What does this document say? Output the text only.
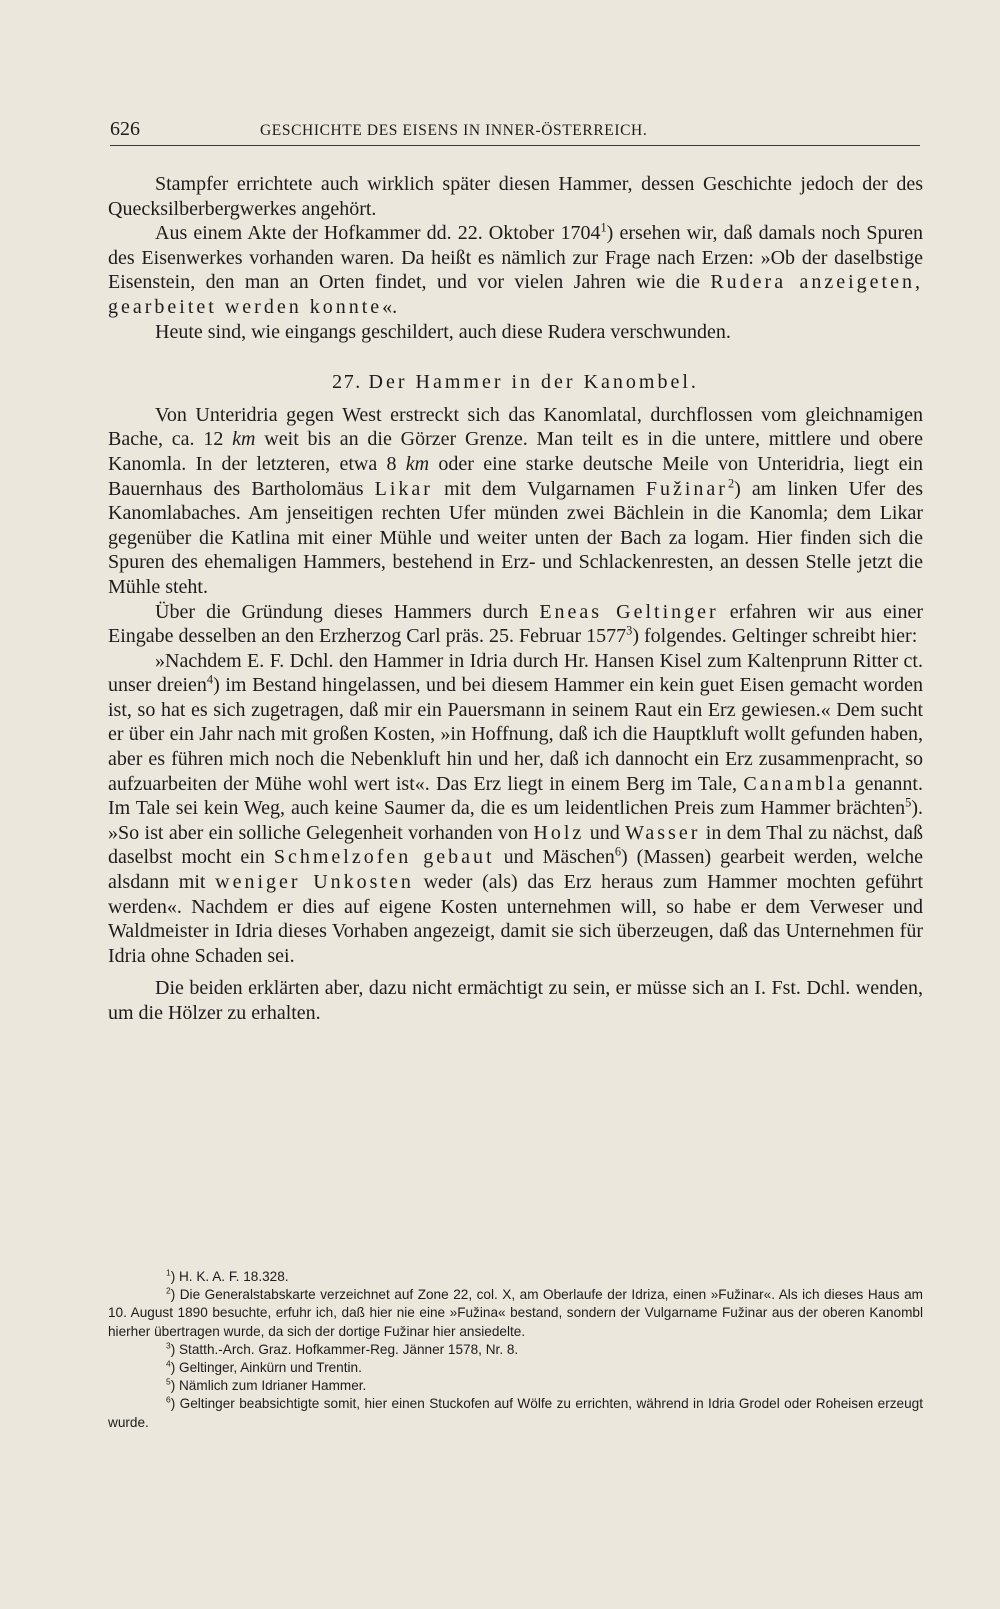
626	GESCHICHTE DES EISENS IN INNER-ÖSTERREICH.

Stampfer errichtete auch wirklich später diesen Hammer, dessen Geschichte jedoch der des Quecksilberbergwerkes angehört.

Aus einem Akte der Hofkammer dd. 22. Oktober 1704$^1$) ersehen wir, daß damals noch Spuren des Eisenwerkes vorhanden waren. Da heißt es nämlich zur Frage nach Erzen: »Ob der daselbstige Eisenstein, den man an Orten findet, und vor vielen Jahren wie die Rudera anzeigeten, gearbeitet werden konnte«.

Heute sind, wie eingangs geschildert, auch diese Rudera verschwunden.

27. Der Hammer in der Kanombel.

Von Unteridria gegen West erstreckt sich das Kanomlatal, durchflossen vom gleichnamigen Bache, ca. 12 km weit bis an die Görzer Grenze. Man teilt es in die untere, mittlere und obere Kanomla. In der letzteren, etwa 8 km oder eine starke deutsche Meile von Unteridria, liegt ein Bauernhaus des Bartholomäus Likar mit dem Vulgarnamen Fužinar$^2$) am linken Ufer des Kanomlabaches. Am jenseitigen rechten Ufer münden zwei Bächlein in die Kanomla; dem Likar gegenüber die Katlina mit einer Mühle und weiter unten der Bach za logam. Hier finden sich die Spuren des ehemaligen Hammers, bestehend in Erz- und Schlackenresten, an dessen Stelle jetzt die Mühle steht.

Über die Gründung dieses Hammers durch Eneas Geltinger erfahren wir aus einer Eingabe desselben an den Erzherzog Carl präs. 25. Februar 1577$^3$) folgendes. Geltinger schreibt hier:

»Nachdem E. F. Dchl. den Hammer in Idria durch Hr. Hansen Kisel zum Kaltenprunn Ritter ct. unser dreien$^4$) im Bestand hingelassen, und bei diesem Hammer ein kein guet Eisen gemacht worden ist, so hat es sich zugetragen, daß mir ein Pauersmann in seinem Raut ein Erz gewiesen.« Dem sucht er über ein Jahr nach mit großen Kosten, »in Hoffnung, daß ich die Hauptkluft wollt gefunden haben, aber es führen mich noch die Nebenkluft hin und her, daß ich dannocht ein Erz zusammenpracht, so aufzuarbeiten der Mühe wohl wert ist«. Das Erz liegt in einem Berg im Tale, Canambla genannt. Im Tale sei kein Weg, auch keine Saumer da, die es um leidentlichen Preis zum Hammer brächten$^5$). »So ist aber ein solliche Gelegenheit vorhanden von Holz und Wasser in dem Thal zu nächst, daß daselbst mocht ein Schmelzofen gebaut und Mäschen$^6$) (Massen) gearbeit werden, welche alsdann mit weniger Unkosten weder (als) das Erz heraus zum Hammer mochten geführt werden«. Nachdem er dies auf eigene Kosten unternehmen will, so habe er dem Verweser und Waldmeister in Idria dieses Vorhaben angezeigt, damit sie sich überzeugen, daß das Unternehmen für Idria ohne Schaden sei.

Die beiden erklärten aber, dazu nicht ermächtigt zu sein, er müsse sich an I. Fst. Dchl. wenden, um die Hölzer zu erhalten.

$^1$) H. K. A. F. 18.328.

$^2$) Die Generalstabskarte verzeichnet auf Zone 22, col. X, am Oberlaufe der Idriza, einen »Fužinar«. Als ich dieses Haus am 10. August 1890 besuchte, erfuhr ich, daß hier nie eine »Fužina« bestand, sondern der Vulgarname Fužinar aus der oberen Kanombl hierher übertragen wurde, da sich der dortige Fužinar hier ansiedelte.

$^3$) Statth.-Arch. Graz. Hofkammer-Reg. Jänner 1578, Nr. 8.

$^4$) Geltinger, Ainkürn und Trentin.

$^5$) Nämlich zum Idrianer Hammer.

$^6$) Geltinger beabsichtigte somit, hier einen Stuckofen auf Wölfe zu errichten, während in Idria Grodel oder Roheisen erzeugt wurde.
